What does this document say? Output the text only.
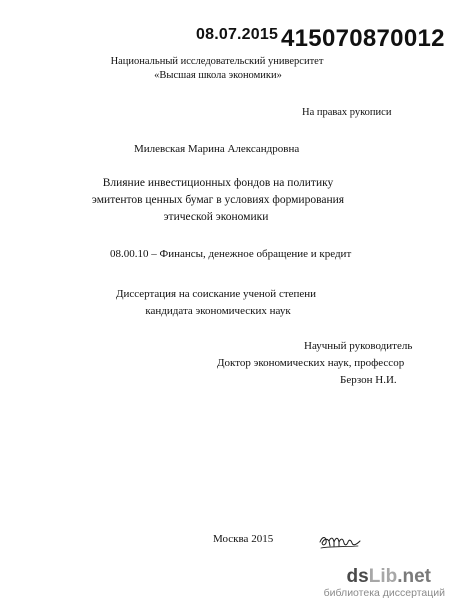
08.07.2015 415070870012
Национальный исследовательский университет
«Высшая школа экономики»
На правах рукописи
Милевская Марина Александровна
Влияние инвестиционных фондов на политику
эмитентов ценных бумаг в условиях формирования
этической экономики
08.00.10 – Финансы, денежное обращение и кредит
Диссертация на соискание ученой степени
кандидата экономических наук
Научный руководитель
Доктор экономических наук, профессор
Берзон Н.И.
Москва 2015
dsLib.net
библиотека диссертаций
